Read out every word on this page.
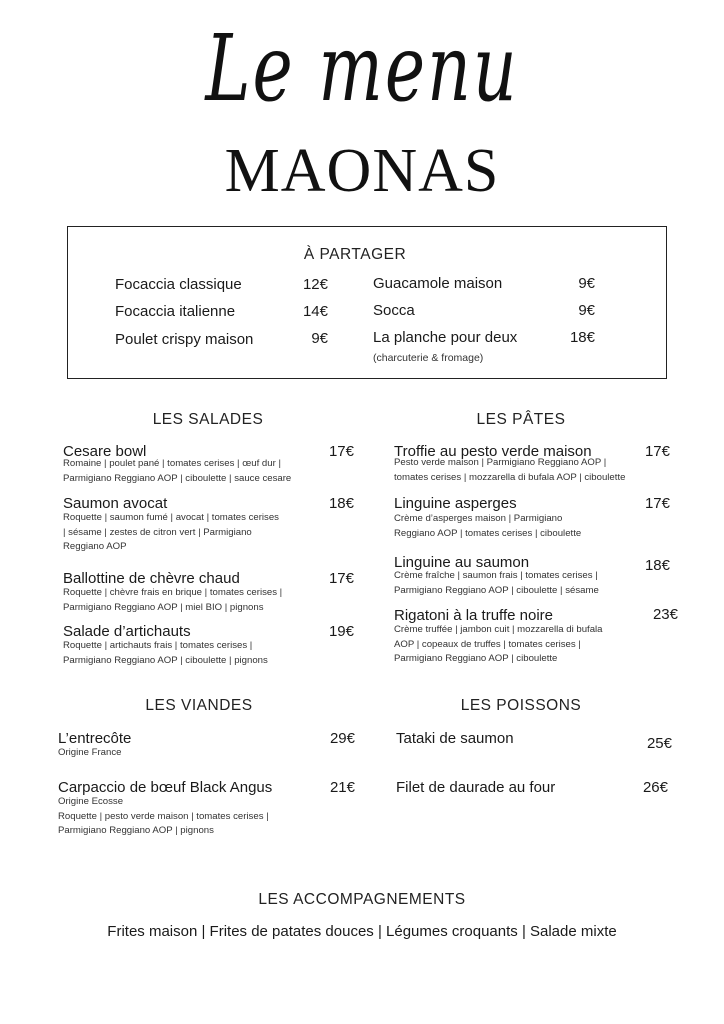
Le menu
MAONAS
À PARTAGER
Focaccia classique	12€
Focaccia italienne	14€
Poulet crispy maison	9€
Guacamole maison	9€
Socca	9€
La planche pour deux	18€
(charcuterie & fromage)
LES SALADES	LES PÂTES
LES VIANDES	LES POISSONS
LES ACCOMPAGNEMENTS
Frites maison | Frites de patates douces | Légumes croquants | Salade mixte
Cesare bowl	17€
Romaine | poulet pané | tomates cerises | œuf dur |
Parmigiano Reggiano AOP | ciboulette | sauce cesare
Saumon avocat	18€
Roquette | saumon fumé | avocat | tomates cerises
| sésame | zestes de citron vert | Parmigiano
Reggiano AOP
Ballottine de chèvre chaud	17€
Roquette | chèvre frais en brique | tomates cerises |
Parmigiano Reggiano AOP | miel BIO | pignons
Salade d’artichauts	19€
Roquette | artichauts frais | tomates cerises |
Parmigiano Reggiano AOP | ciboulette | pignons
Troffie au pesto verde maison	17€
Pesto verde maison | Parmigiano Reggiano AOP |
tomates cerises | mozzarella di bufala AOP | ciboulette
Linguine asperges	17€
Crème d’asperges maison | Parmigiano
Reggiano AOP | tomates cerises | ciboulette
Linguine au saumon	18€
Crème fraîche | saumon frais | tomates cerises |
Parmigiano Reggiano AOP | ciboulette | sésame
Rigatoni à la truffe noire	23€
Crème truffée | jambon cuit | mozzarella di bufala
AOP | copeaux de truffes | tomates cerises |
Parmigiano Reggiano AOP | ciboulette
L’entrecôte	29€
Origine France
Carpaccio de bœuf Black Angus	21€
Origine Ecosse
Roquette | pesto verde maison | tomates cerises |
Parmigiano Reggiano AOP | pignons
Tataki de saumon	25€
Filet de daurade au four	26€
